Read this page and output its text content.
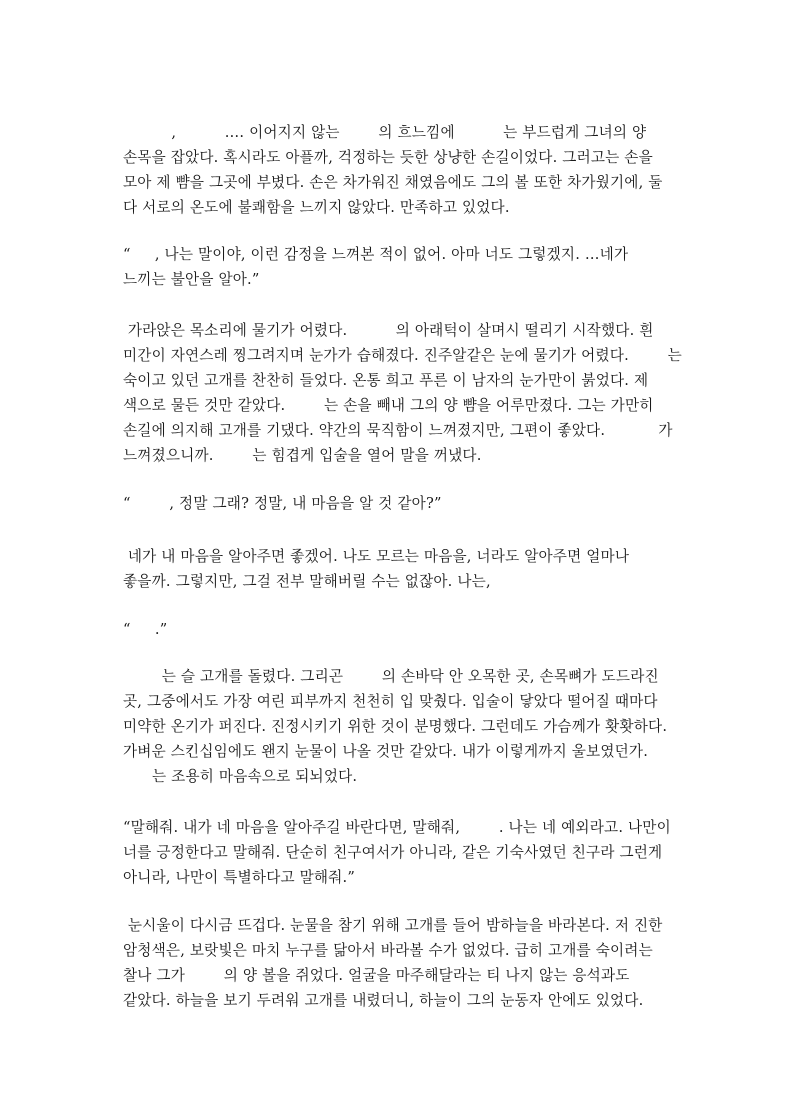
,          …. 이어지지 않는        의 흐느낌에          는 부드럽게 그녀의 양
손목을 잡았다. 혹시라도 아플까, 걱정하는 듯한 상냥한 손길이었다. 그러고는 손을
모아 제 뺨을 그곳에 부볐다. 손은 차가워진 채였음에도 그의 볼 또한 차가웠기에, 둘
다 서로의 온도에 불쾌함을 느끼지 않았다. 만족하고 있었다.
“     , 나는 말이야, 이런 감정을 느껴본 적이 없어. 아마 너도 그렇겠지. …네가
느끼는 불안을 알아.”
가라앉은 목소리에 물기가 어렸다.          의 아래턱이 살며시 떨리기 시작했다. 흰
미간이 자연스레 찡그려지며 눈가가 습해졌다. 진주알같은 눈에 물기가 어렸다.        는
숙이고 있던 고개를 찬찬히 들었다. 온통 희고 푸른 이 남자의 눈가만이 붉었다. 제
색으로 물든 것만 같았다.        는 손을 빼내 그의 양 뺨을 어루만졌다. 그는 가만히
손길에 의지해 고개를 기댔다. 약간의 묵직함이 느껴졌지만, 그편이 좋았다.           가
느껴졌으니까.        는 힘겹게 입술을 열어 말을 꺼냈다.
“        , 정말 그래? 정말, 내 마음을 알 것 같아?”
네가 내 마음을 알아주면 좋겠어. 나도 모르는 마음을, 너라도 알아주면 얼마나
좋을까. 그렇지만, 그걸 전부 말해버릴 수는 없잖아. 나는,
“     .”
는 슬 고개를 돌렸다. 그리곤        의 손바닥 안 오목한 곳, 손목뼈가 도드라진
곳, 그중에서도 가장 여린 피부까지 천천히 입 맞췄다. 입술이 닿았다 떨어질 때마다
미약한 온기가 퍼진다. 진정시키기 위한 것이 분명했다. 그런데도 가슴께가 홧홧하다.
가벼운 스킨십임에도 왠지 눈물이 나올 것만 같았다. 내가 이렇게까지 울보였던가.
는 조용히 마음속으로 되뇌었다.
“말해줘. 내가 네 마음을 알아주길 바란다면, 말해줘,        . 나는 네 예외라고. 나만이
너를 긍정한다고 말해줘. 단순히 친구여서가 아니라, 같은 기숙사였던 친구라 그런게
아니라, 나만이 특별하다고 말해줘.”
눈시울이 다시금 뜨겁다. 눈물을 참기 위해 고개를 들어 밤하늘을 바라본다. 저 진한
암청색은, 보랏빛은 마치 누구를 닮아서 바라볼 수가 없었다. 급히 고개를 숙이려는
찰나 그가        의 양 볼을 쥐었다. 얼굴을 마주해달라는 티 나지 않는 응석과도
같았다. 하늘을 보기 두려워 고개를 내렸더니, 하늘이 그의 눈동자 안에도 있었다.
